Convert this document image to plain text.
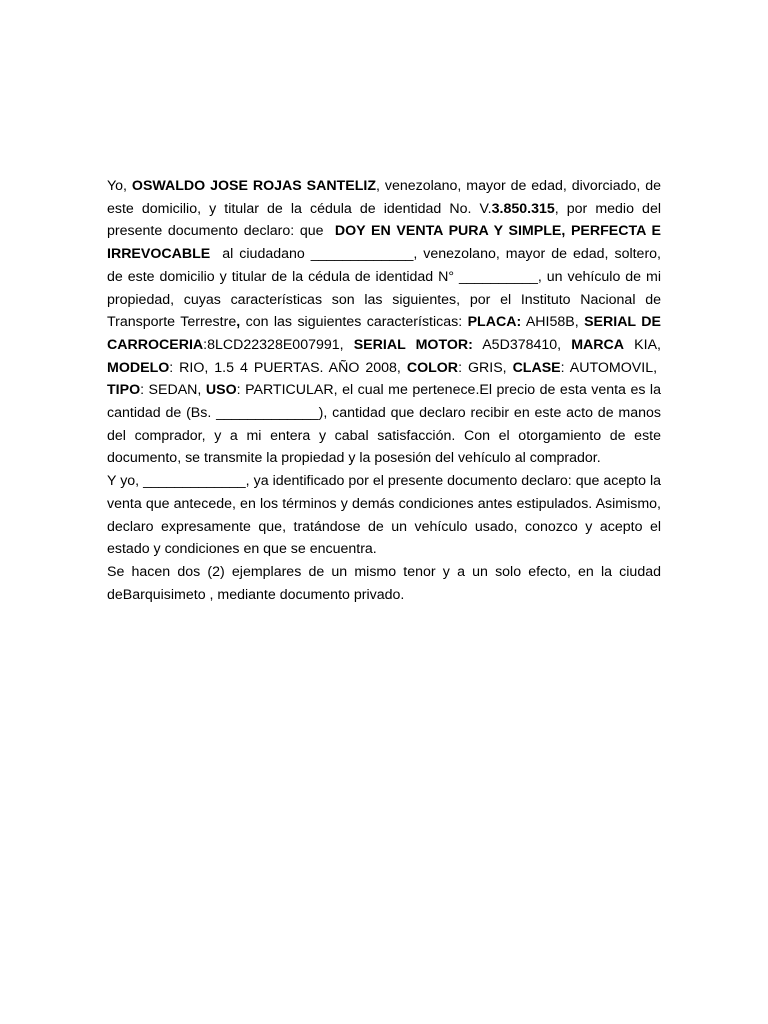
Yo, OSWALDO JOSE ROJAS SANTELIZ, venezolano, mayor de edad, divorciado, de este domicilio, y titular de la cédula de identidad No. V.3.850.315, por medio del presente documento declaro: que DOY EN VENTA PURA Y SIMPLE, PERFECTA E IRREVOCABLE al ciudadano _____________, venezolano, mayor de edad, soltero, de este domicilio y titular de la cédula de identidad N° __________, un vehículo de mi propiedad, cuyas características son las siguientes, por el Instituto Nacional de Transporte Terrestre, con las siguientes características: PLACA: AHI58B, SERIAL DE CARROCERIA:8LCD22328E007991, SERIAL MOTOR: A5D378410, MARCA KIA, MODELO: RIO, 1.5 4 PUERTAS. AÑO 2008, COLOR: GRIS, CLASE: AUTOMOVIL,  TIPO: SEDAN, USO: PARTICULAR, el cual me pertenece.El precio de esta venta es la cantidad de (Bs. _____________), cantidad que declaro recibir en este acto de manos del comprador, y a mi entera y cabal satisfacción. Con el otorgamiento de este documento, se transmite la propiedad y la posesión del vehículo al comprador.

Y yo, _____________, ya identificado por el presente documento declaro: que acepto la venta que antecede, en los términos y demás condiciones antes estipulados. Asimismo, declaro expresamente que, tratándose de un vehículo usado, conozco y acepto el estado y condiciones en que se encuentra.

Se hacen dos (2) ejemplares de un mismo tenor y a un solo efecto, en la ciudad deBarquisimeto , mediante documento privado.
